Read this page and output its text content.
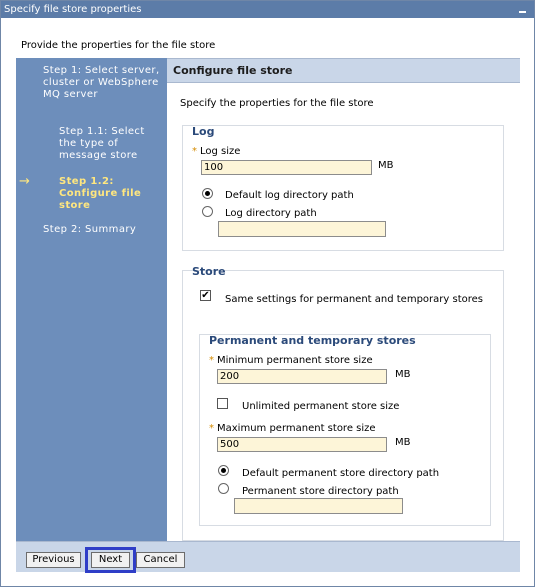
Specify file store properties
Provide the properties for the file store
Step 1: Select server, cluster or WebSphere MQ server
Step 1.1: Select the type of message store
→	Step 1.2: Configure file store
Step 2: Summary
Configure file store
Specify the properties for the file store
Log
* Log size
100	MB
Default log directory path
Log directory path
Store
✔	Same settings for permanent and temporary stores
Permanent and temporary stores
* Minimum permanent store size
200	MB
Unlimited permanent store size
* Maximum permanent store size
500	MB
Default permanent store directory path
Permanent store directory path
Previous	Next	Cancel
